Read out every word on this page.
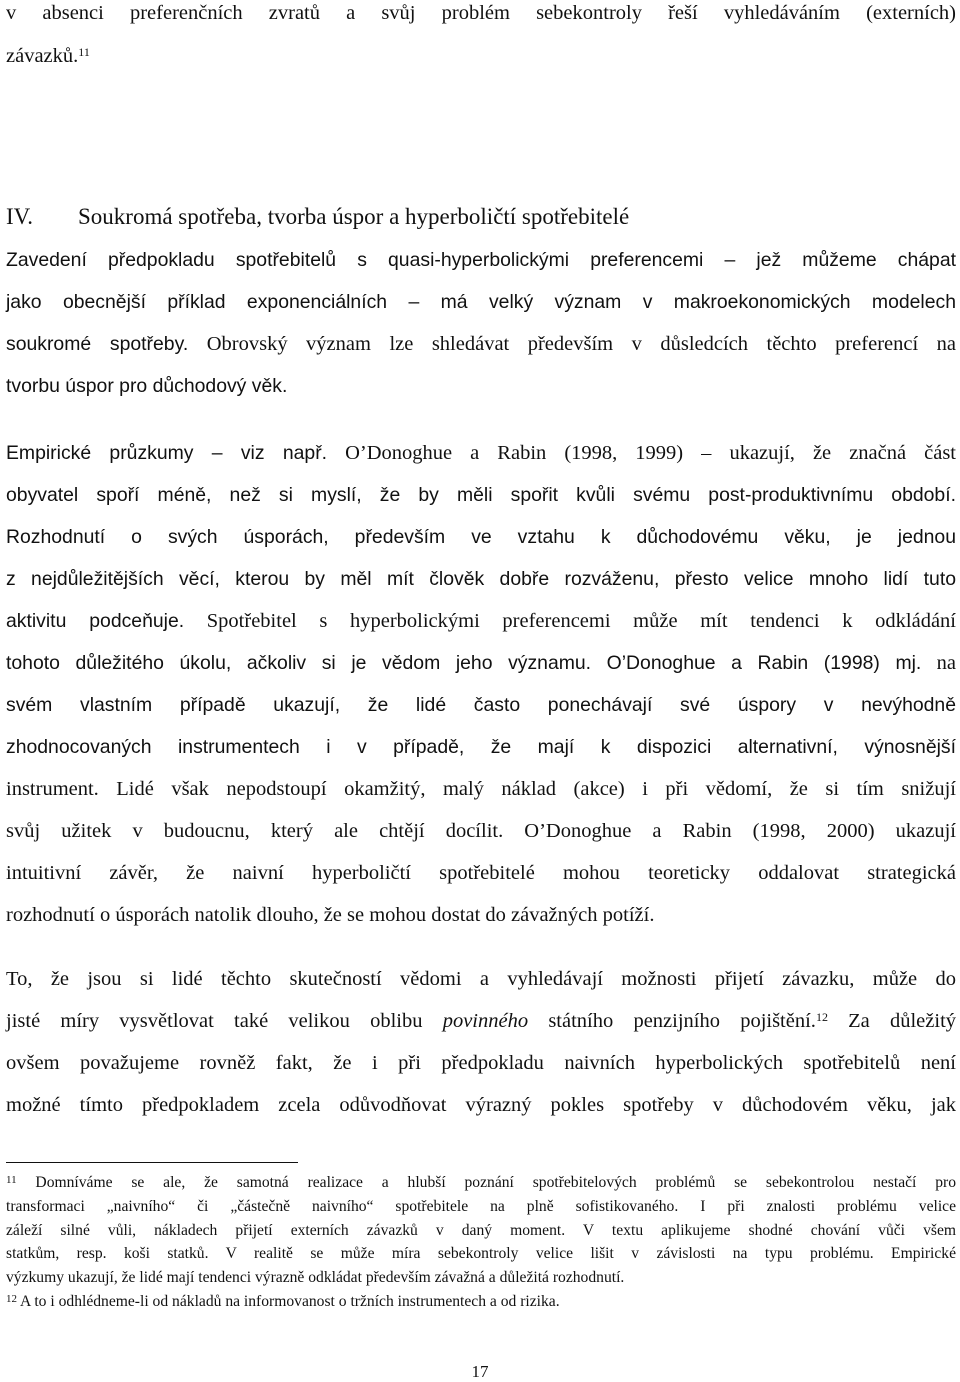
v absenci preferenčních zvratů a svůj problém sebekontroly řeší vyhledáváním (externích)
závazků.$^{11}$
IV. Soukromá spotřeba, tvorba úspor a hyperboličtí spotřebitelé
Zavedení předpokladu spotřebitelů s quasi-hyperbolickými preferencemi – jež můžeme chápat
jako obecnější příklad exponenciálních – má velký význam v makroekonomických modelech
soukromé spotřeby. Obrovský význam lze shledávat především v důsledcích těchto preferencí na
tvorbu úspor pro důchodový věk.
Empirické průzkumy – viz např. O’Donoghue a Rabin (1998, 1999) – ukazují, že značná část
obyvatel spoří méně, než si myslí, že by měli spořit kvůli svému post-produktivnímu období.
Rozhodnutí o svých úsporách, především ve vztahu k důchodovému věku, je jednou
z nejdůležitějších věcí, kterou by měl mít člověk dobře rozváženu, přesto velice mnoho lidí tuto
aktivitu podceňuje. Spotřebitel s hyperbolickými preferencemi může mít tendenci k odkládání
tohoto důležitého úkolu, ačkoliv si je vědom jeho významu. O’Donoghue a Rabin (1998) mj. na
svém vlastním případě ukazují, že lidé často ponechávají své úspory v nevýhodně
zhodnocovaných instrumentech i v případě, že mají k dispozici alternativní, výnosnější
instrument. Lidé však nepodstoupí okamžitý, malý náklad (akce) i při vědomí, že si tím snižují
svůj užitek v budoucnu, který ale chtějí docílit. O’Donoghue a Rabin (1998, 2000) ukazují
intuitivní závěr, že naivní hyperboličtí spotřebitelé mohou teoreticky oddalovat strategická
rozhodnutí o úsporách natolik dlouho, že se mohou dostat do závažných potíží.
To, že jsou si lidé těchto skutečností vědomi a vyhledávají možnosti přijetí závazku, může do
jisté míry vysvětlovat také velikou oblibu povinného státního penzijního pojištění.$^{12}$ Za důležitý
ovšem považujeme rovněž fakt, že i při předpokladu naivních hyperbolických spotřebitelů není
možné tímto předpokladem zcela odůvodňovat výrazný pokles spotřeby v důchodovém věku, jak
$^{11}$ Domníváme se ale, že samotná realizace a hlubší poznání spotřebitelových problémů se sebekontrolou nestačí pro
transformaci „naivního“ či „částečně naivního“ spotřebitele na plně sofistikovaného. I při znalosti problému velice
záleží silné vůli, nákladech přijetí externích závazků v daný moment. V textu aplikujeme shodné chování vůči všem
statkům, resp. koši statků. V realitě se může míra sebekontroly velice lišit v závislosti na typu problému. Empirické
výzkumy ukazují, že lidé mají tendenci výrazně odkládat především závažná a důležitá rozhodnutí.
$^{12}$ A to i odhlédneme-li od nákladů na informovanost o tržních instrumentech a od rizika.
17
